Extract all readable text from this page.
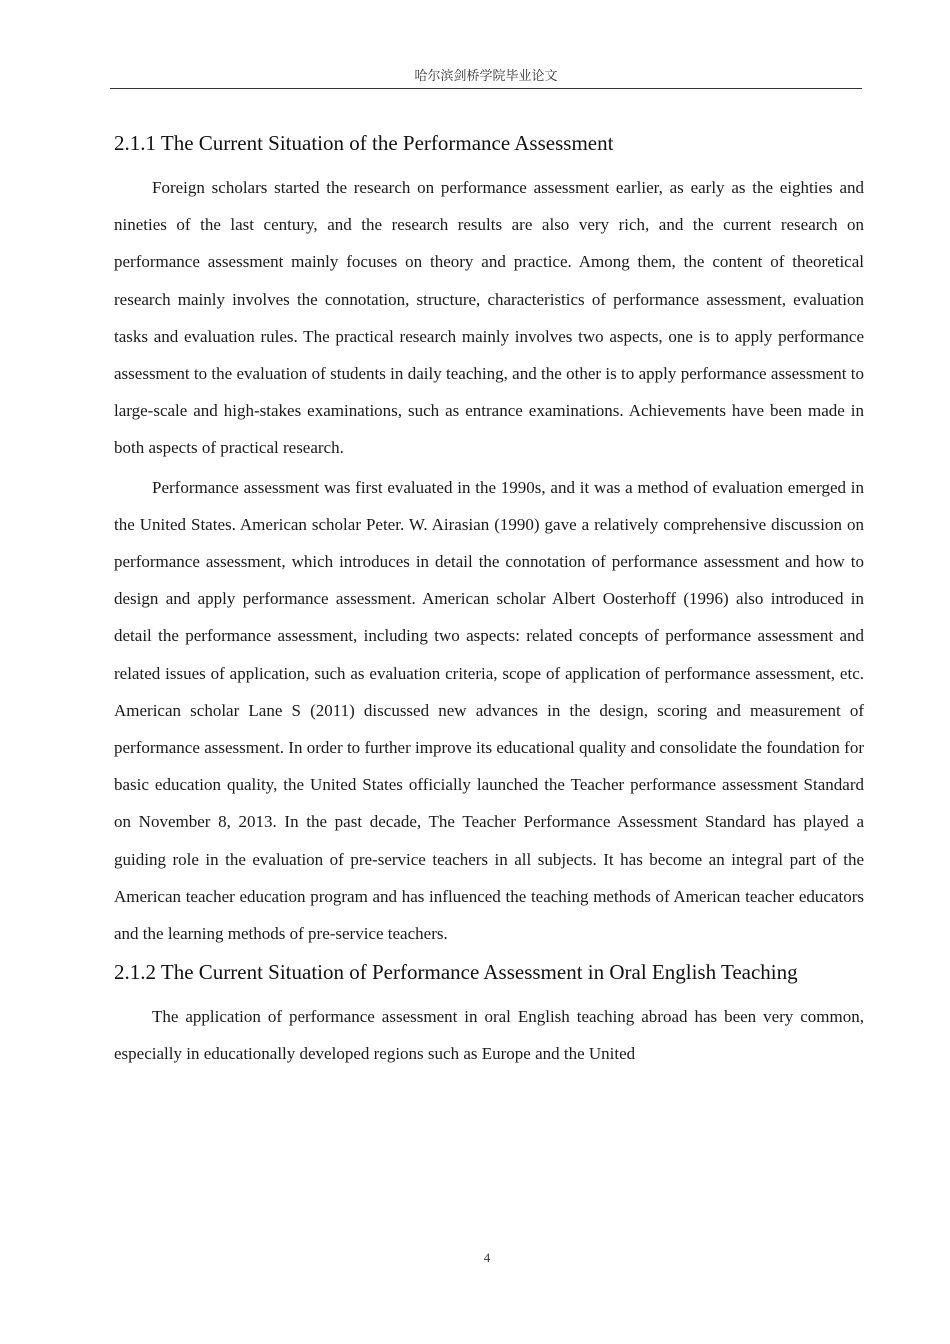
哈尔滨剑桥学院毕业论文
2.1.1 The Current Situation of the Performance Assessment

Foreign scholars started the research on performance assessment earlier, as early as the eighties and nineties of the last century, and the research results are also very rich, and the current research on performance assessment mainly focuses on theory and practice. Among them, the content of theoretical research mainly involves the connotation, structure, characteristics of performance assessment, evaluation tasks and evaluation rules. The practical research mainly involves two aspects, one is to apply performance assessment to the evaluation of students in daily teaching, and the other is to apply performance assessment to large-scale and high-stakes examinations, such as entrance examinations. Achievements have been made in both aspects of practical research.

Performance assessment was first evaluated in the 1990s, and it was a method of evaluation emerged in the United States. American scholar Peter. W. Airasian (1990) gave a relatively comprehensive discussion on performance assessment, which introduces in detail the connotation of performance assessment and how to design and apply performance assessment. American scholar Albert Oosterhoff (1996) also introduced in detail the performance assessment, including two aspects: related concepts of performance assessment and related issues of application, such as evaluation criteria, scope of application of performance assessment, etc. American scholar Lane S (2011) discussed new advances in the design, scoring and measurement of performance assessment. In order to further improve its educational quality and consolidate the foundation for basic education quality, the United States officially launched the Teacher performance assessment Standard on November 8, 2013. In the past decade, The Teacher Performance Assessment Standard has played a guiding role in the evaluation of pre-service teachers in all subjects. It has become an integral part of the American teacher education program and has influenced the teaching methods of American teacher educators and the learning methods of pre-service teachers.

2.1.2 The Current Situation of Performance Assessment in Oral English Teaching

The application of performance assessment in oral English teaching abroad has been very common, especially in educationally developed regions such as Europe and the United

4
